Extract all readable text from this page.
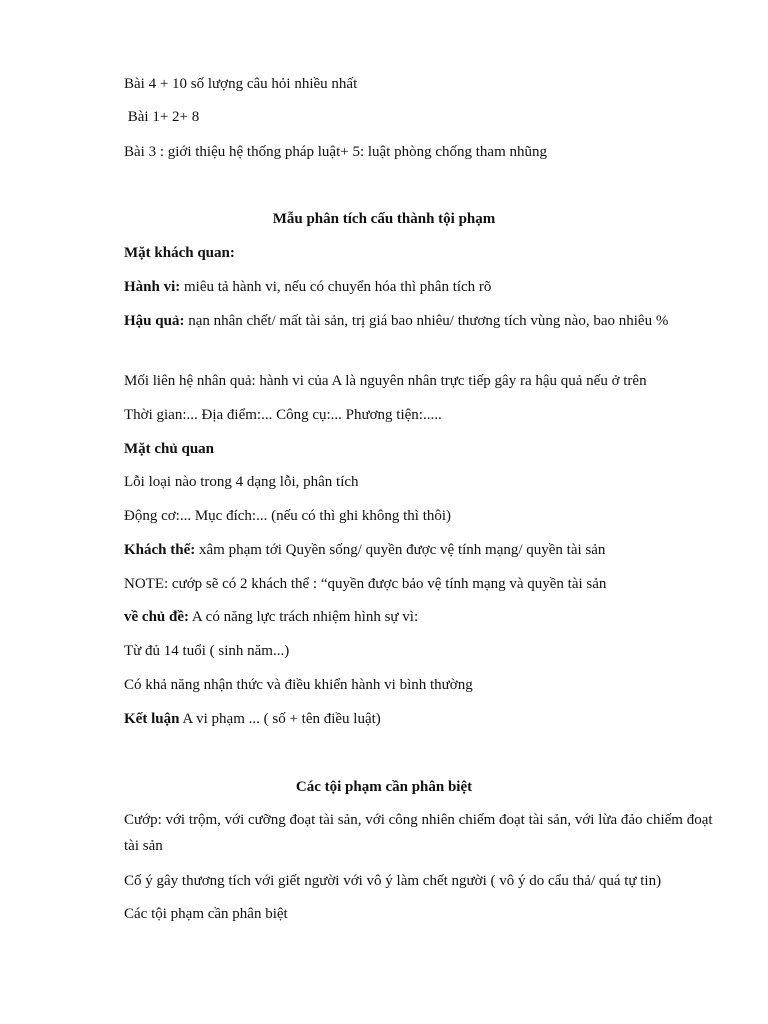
Bài 4 + 10 số lượng câu hỏi nhiều nhất
Bài 1+ 2+ 8
Bài 3 : giới thiệu hệ thống pháp luật+ 5: luật phòng chống tham nhũng
Mẫu phân tích cấu thành tội phạm
Mặt khách quan:
Hành vi: miêu tả hành vi, nếu có chuyển hóa thì phân tích rõ
Hậu quả: nạn nhân chết/ mất tài sản, trị giá bao nhiêu/ thương tích vùng nào, bao nhiêu %
Mối liên hệ nhân quả: hành vi của A là nguyên nhân trực tiếp gây ra hậu quả nếu ở trên
Thời gian:... Địa điểm:... Công cụ:... Phương tiện:.....
Mặt chủ quan
Lỗi loại nào trong 4 dạng lỗi, phân tích
Động cơ:... Mục đích:... (nếu có thì ghi không thì thôi)
Khách thể: xâm phạm tới Quyền sống/ quyền được vệ tính mạng/ quyền tài sản
NOTE: cướp sẽ có 2 khách thể : “quyền được bảo vệ tính mạng và quyền tài sản
về chủ đề: A có năng lực trách nhiệm hình sự vì:
Từ đủ 14 tuổi ( sinh năm...)
Có khả năng nhận thức và điều khiển hành vi bình thường
Kết luận A vi phạm ... ( số + tên điều luật)
Các tội phạm cần phân biệt
Cướp: với trộm, với cưỡng đoạt tài sản, với công nhiên chiếm đoạt tài sản, với lừa đảo chiếm đoạt tài sản
Cố ý gây thương tích với giết người với vô ý làm chết người ( vô ý do cẩu thả/ quá tự tin)
Các tội phạm cần phân biệt
